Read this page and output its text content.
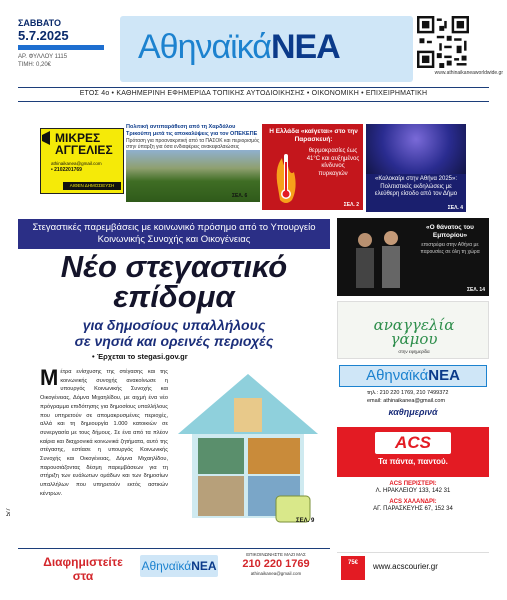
ΣΑΒΒΑΤΟ
5.7.2025
ΑΡ. ΦΥΛΛΟΥ 1115
ΤΙΜΗ: 0,20€	ΑθηναϊκάΝΕΑ
www.athinaikaneaworldwide.gr
ΕΤΟΣ 4ο • ΚΑΘΗΜΕΡΙΝΗ ΕΦΗΜΕΡΙΔΑ ΤΟΠΙΚΗΣ ΑΥΤΟΔΙΟΙΚΗΣΗΣ • ΟΙΚΟΝΟΜΙΚΗ • ΕΠΙΧΕΙΡΗΜΑΤΙΚΗ
ΜΙΚΡΕΣ
ΑΓΓΕΛΙΕΣ
athinaikanea@gmail.com
• 2102201769
ΑΙΘΕΝ ΔΗΜΟΣΙΕΥΣΗ
Πολιτική αντιπαράθεση από τη Χαρδάλου Τρικούπη μετά τις αποκαλύψεις για τον ΟΠΕΚΕΠΕ
Πρόταση για προανακριτική από τα ΠΑΣΟΚ και περιορισμός στην ύπαρξη για όσα ενδιαφέρεις ανακεφαλαιώσεις
ΣΕΛ. 6
Η Ελλάδα «καίγεται» στο την Παρασκευή:
θερμοκρασίες έως 41°C και αυξημένος κίνδυνος πυρκαγιών
ΣΕΛ. 2
«Καλοκαίρι στην Αθήνα 2025»: Πολιτιστικές εκδηλώσεις με ελεύθερη είσοδο από τον Δήμο
ΣΕΛ. 4
Στεγαστικές παρεμβάσεις με κοινωνικό πρόσημο από το Υπουργείο Κοινωνικής Συνοχής και Οικογένειας
Νέο στεγαστικό
επίδομα
για δημοσίους υπαλλήλους
σε νησιά και ορεινές περιοχές
• Έρχεται το stegasi.gov.gr
Μέτρα ενίσχυσης της στέγασης και της κοινωνικής συνοχής ανακοίνωσε η υπουργός Κοινωνικής Συνοχής και Οικογένειας, Δόμνα Μιχαηλίδου, με αιχμή ένα νέο πρόγραμμα επιδότησης για δημοσίους υπαλλήλους που υπηρετούν σε απομακρυσμένες περιοχές, αλλά και τη δημιουργία 1.000 κατοικιών σε συνεργασία με τους δήμους. Σε ένα από τα πλέον καίρια και διαχρονικά κοινωνικά ζητήματα, αυτό της στέγασης, εστίασε η υπουργός Κοινωνικής Συνοχής και Οικογένειας, Δόμνα Μιχαηλίδου, παρουσιάζοντας δέσμη παρεμβάσεων για τη στήριξη των ευάλωτων ομάδων και των δημοσίων υπαλλήλων που υπηρετούν εκτός αστικών κέντρων.
ΣΕΛ. 9
5/7
Διαφημιστείτε
στα
ΑθηναϊκάΝΕΑ
ΕΠΙΚΟΙΝΩΝΗΣΤΕ ΜΑΖΙ ΜΑΣ
210 220 1769
athinaikanea@gmail.com
«Ο θάνατος του Εμπορίου»
επιστρέφει στην Αθήνα με παρουσίες σε όλη τη χώρα
ΣΕΛ. 14
αναγγελία
γάμου
στην εφημερίδα
ΑθηναϊκάΝΕΑ
τηλ.: 210 220 1769, 210 7499372
email: athinaikanea@gmail.com
καθημερινά
ACS
Τα πάντα, παντού.
ACS ΠΕΡΙΣΤΕΡΙ:
Λ. ΗΡΑΚΛΕΙΟΥ 133, 142 31
ACS ΧΑΛΑΝΔΡΙ:
ΑΓ. ΠΑΡΑΣΚΕΥΗΣ 67, 152 34
75€	www.acscourier.gr
